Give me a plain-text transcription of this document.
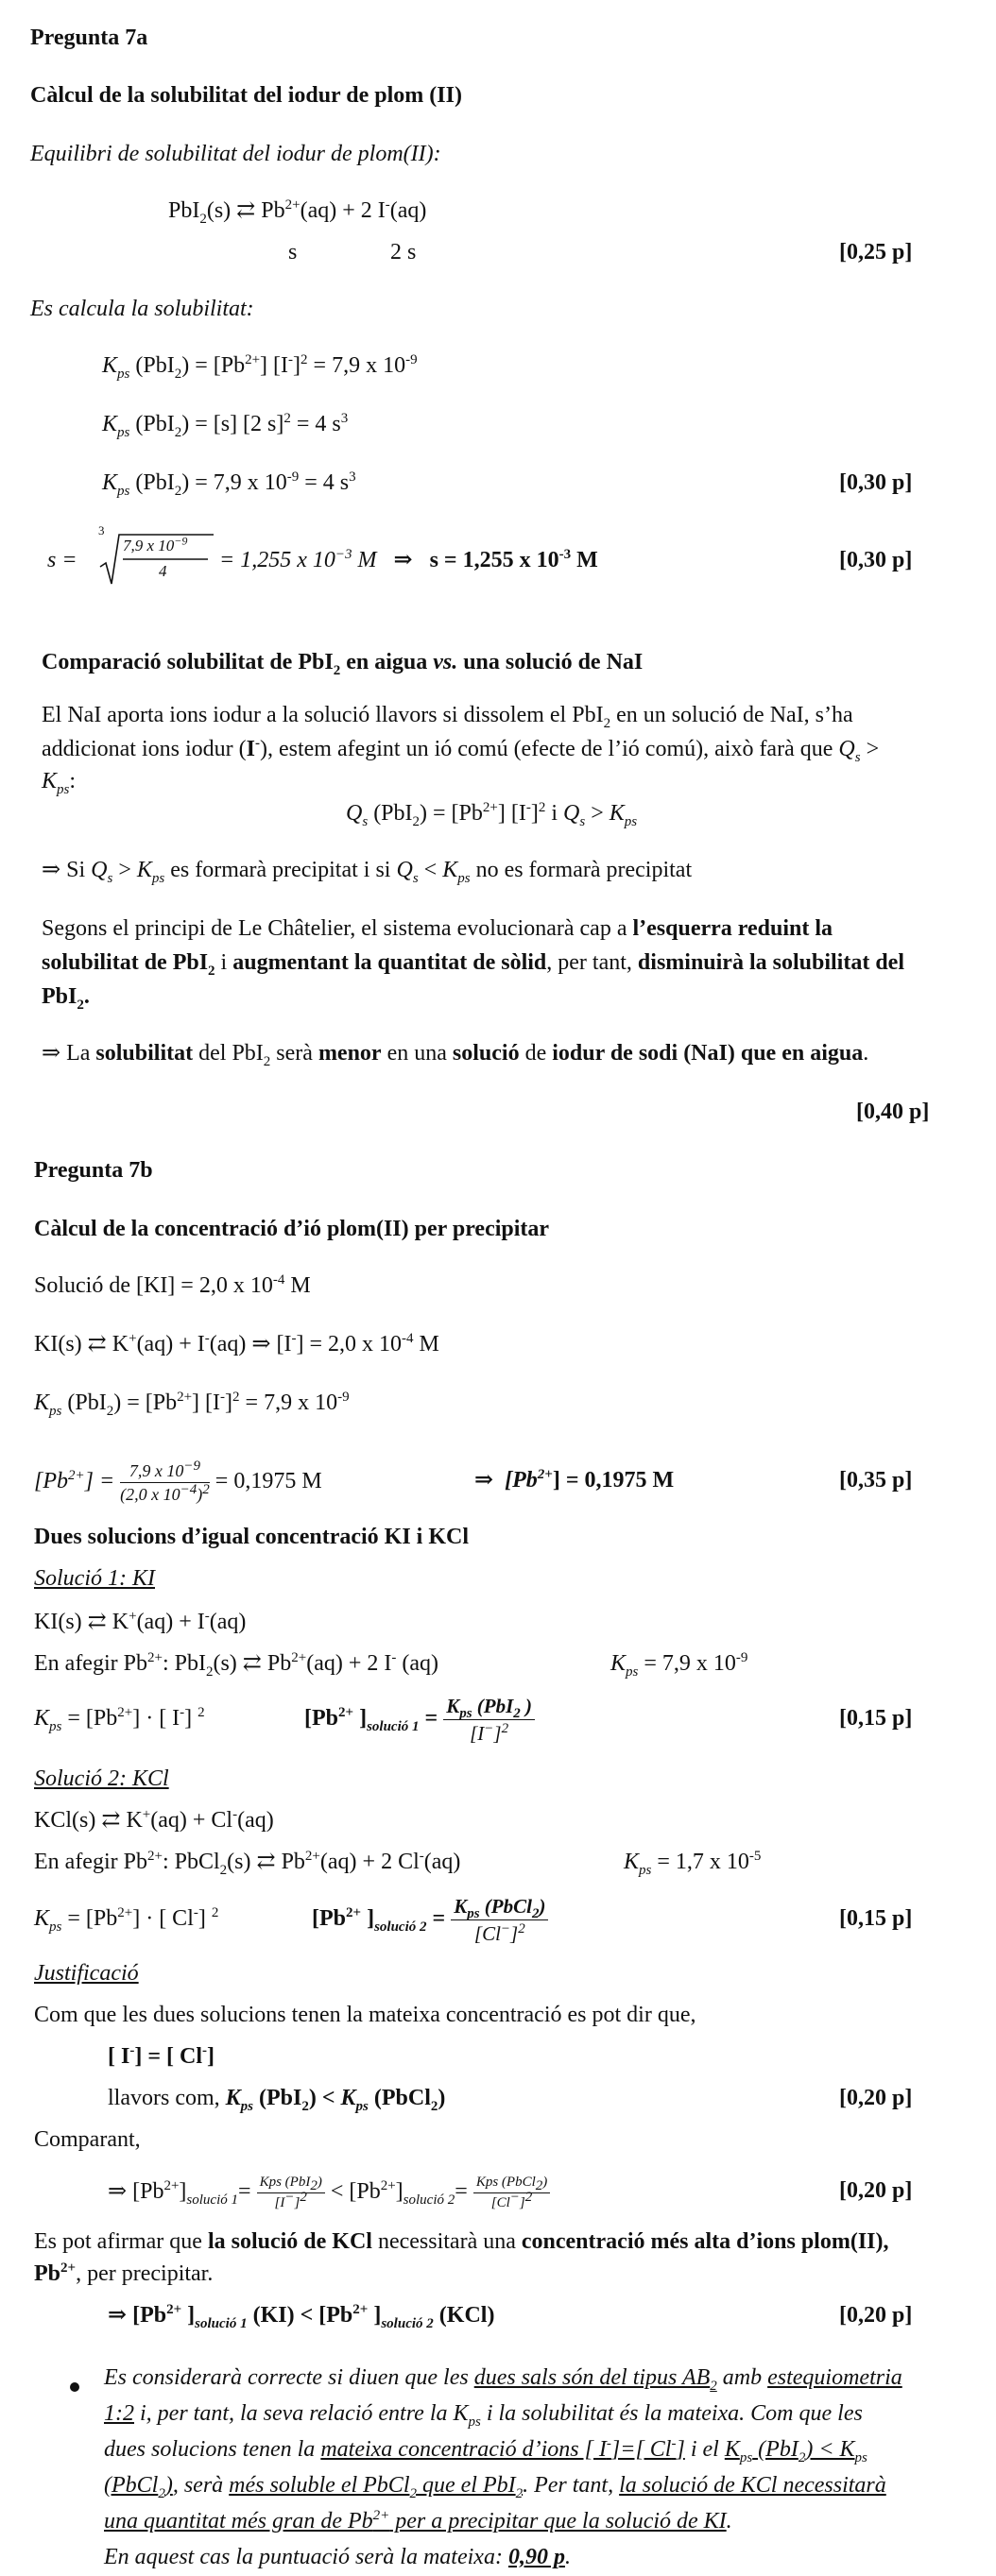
Pregunta 7a
Càlcul de la solubilitat del iodur de plom (II)
Equilibri de solubilitat del iodur de plom(II):
PbI$_2$(s) ⇄ $Pb^{2+}(aq) + 2$ I-(aq)
s	2 s	[0,25 p]
Es calcula la solubilitat:
$K_{ps}$ $(PbI_2) = [Pb^{2+}] [I^-]^2 = 7,9$ x $10^{-9}$
$K_{ps}$ (PbI$_2$) = [s] [2 s]$^2$ = 4 $s^3$
$K_{ps}$ (PbI$_2$) = 7,9 x $10^{-9} = 4$ $s^3$	[0,30 p]
s =
3
7,9 x $10^{-9}$
4 = 1,255 x $10^{-3}$ M ⇒ s = 1,255 x $10^{-3}$ M	[0,30 p]
Comparació solubilitat de PbI$_2$ en aigua vs. una solució de NaI
El NaI aporta ions iodur a la solució llavors si dissolem el PbI$_2$ en un solució de NaI, s’ha
addicionat ions iodur (I-), estem afegint un ió comú (efecte de l’ió comú), això farà que $Q_s$ >
$K_{ps}$:
$Q_s$ $(PbI_2) = [Pb^{2+}]$ $[I^-]^2$ i $Q_s > K_{ps}$
⇒ Si $Q_s > K_{ps}$ es formarà precipitat i si $Q_s < K_{ps}$ no es formarà precipitat
Segons el principi de Le Châtelier, el sistema evolucionarà cap a l’esquerra reduint la
solubilitat de PbI$_2$ i augmentant la quantitat de sòlid, per tant, disminuirà la solubilitat del
PbI$_2$.
⇒ La solubilitat del PbI$_2$ serà menor en una solució de iodur de sodi (NaI) que en aigua.
[0,40 p]
Pregunta 7b
Càlcul de la concentració d’ió plom(II) per precipitar
Solució de [KI] = 2,0 x $10^{-4}$ M
KI(s) ⇄ K+(aq) + I-(aq) ⇒ [I-] = 2,0 x $10^{-4}$ M
$K_{ps}$ $(PbI_2) = [Pb^{2+}] [I^-]^2 = 7,9$ x $10^{-9}$
$[Pb^{2+}] = \frac{7,9 x 10^{-9}}{(2,0 x 10^{-4})^2} = 0,1975$ M	⇒ $[Pb^{2+}] = 0,1975$ M	[0,35 p]
Dues solucions d’igual concentració KI i KCl
Solució 1: KI
KI(s) ⇄ K+(aq) + I-(aq)
En afegir $Pb^{2+}$: PbI$_2$(s) ⇄ $Pb^{2+}(aq) + 2$ I- (aq)	$K_{ps} = 7,9$ x $10^{-9}$
$K_{ps} = [Pb^{2+}]$ · [ I-] $^2$	[$Pb^{2+}$ ]$_{solució 1} = \frac{K_{ps} (PbI_2 )}{[I^-]^2}$	[0,15 p]
Solució 2: KCl
KCl(s) ⇄ K+(aq) + Cl-(aq)
En afegir $Pb^{2+}$: PbCl$_2$(s) ⇄ $Pb^{2+}(aq) + 2$ Cl-(aq)	$K_{ps} = 1,7$ x $10^{-5}$
$K_{ps} = [Pb^{2+}]$ · [ Cl-] $^2$	[$Pb^{2+}$ ]$_{solució 2} = \frac{K_{ps} (PbCl_2)}{[Cl^-]^2}$	[0,15 p]
Justificació
Com que les dues solucions tenen la mateixa concentració es pot dir que,
[ I-] = [ Cl-]
llavors com, $K_{ps}$ $(PbI_2) < K_{ps}$ (PbCl$_2$)	[0,20 p]
Comparant,
⇒ $[Pb^{2+}]_{solució 1}= \frac{Kps (PbI_2)}{[I^-]^2} < [Pb^{2+}]_{solució 2}= \frac{Kps (PbCl_2)}{[Cl^-]^2}$	[0,20 p]
Es pot afirmar que la solució de KCl necessitarà una concentració més alta d’ions plom(II),
$Pb^{2+}$, per precipitar.
⇒ [$Pb^{2+}$ ]$_{solució 1}$ $(KI) < [Pb^{2+}$ ]$_{solució 2}$ (KCl)	[0,20 p]
Es considerarà correcte si diuen que les dues sals són del tipus $AB_2$ amb estequiometria
1:2 i, per tant, la seva relació entre la $K_{ps}$ i la solubilitat és la mateixa. Com que les
dues solucions tenen la mateixa concentració d’ions [ I-]=[ Cl-] i el $K_{ps}$ $(PbI_2) < K_{ps}$
(PbCl$_2$), serà més soluble el PbCl$_2$ que el PbI$_2$. Per tant, la solució de KCl necessitarà
una quantitat més gran de $Pb^{2+}$ per a precipitar que la solució de KI.
En aquest cas la puntuació serà la mateixa: 0,90 p.
